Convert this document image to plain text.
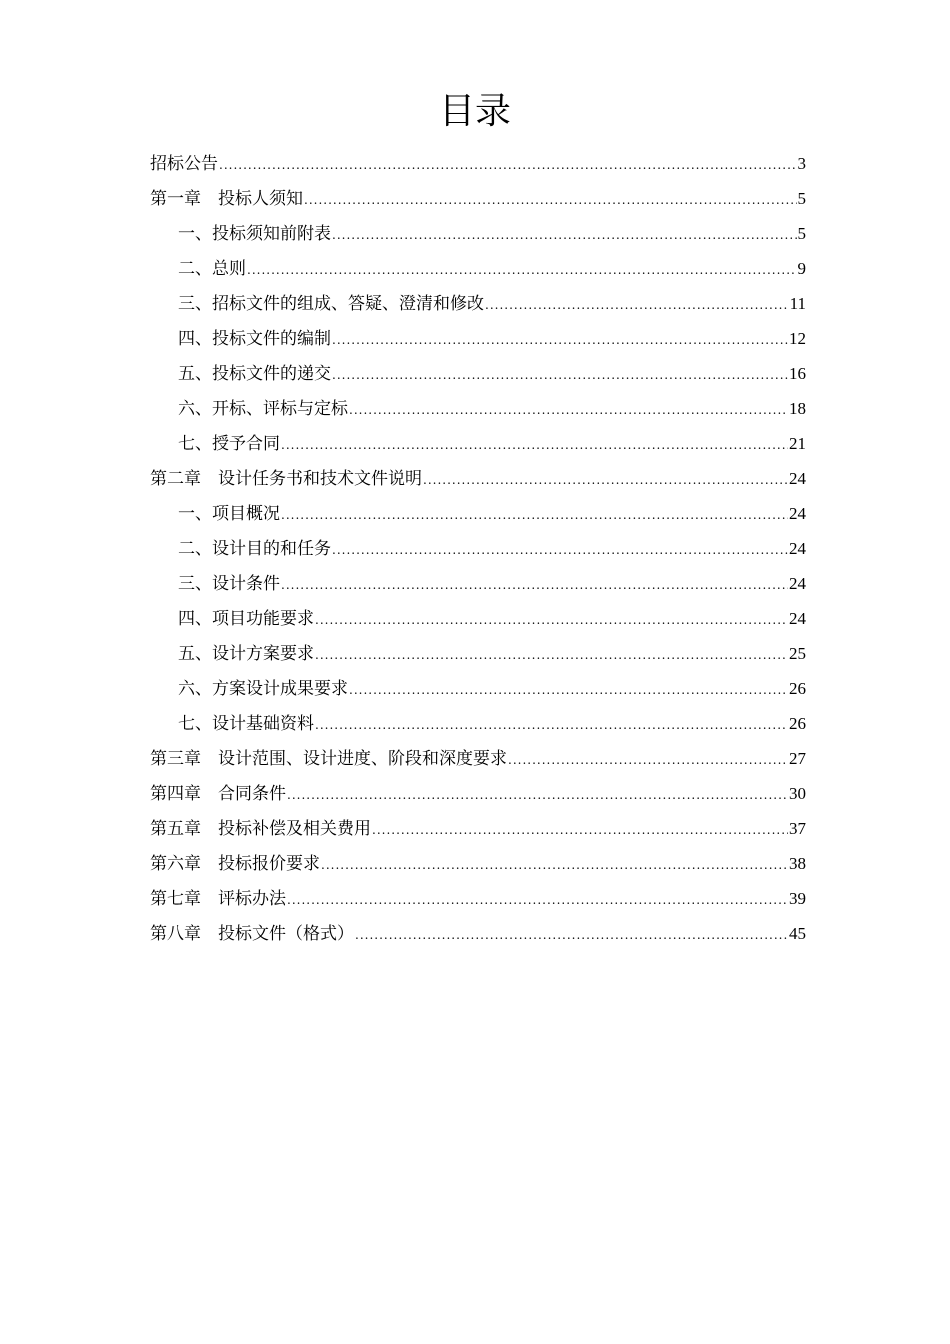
目录
招标公告 .....	3
第一章　投标人须知 .....	5
一、投标须知前附表 .....	5
二、总则 .....	9
三、招标文件的组成、答疑、澄清和修改 .....	11
四、投标文件的编制 .....	12
五、投标文件的递交 .....	16
六、开标、评标与定标 .....	18
七、授予合同 .....	21
第二章　设计任务书和技术文件说明 .....	24
一、项目概况 .....	24
二、设计目的和任务 .....	24
三、设计条件 .....	24
四、项目功能要求 .....	24
五、设计方案要求 .....	25
六、方案设计成果要求 .....	26
七、设计基础资料 .....	26
第三章　设计范围、设计进度、阶段和深度要求 .....	27
第四章　合同条件 .....	30
第五章　投标补偿及相关费用 .....	37
第六章　投标报价要求 .....	38
第七章　评标办法 .....	39
第八章　投标文件（格式） .....	45
